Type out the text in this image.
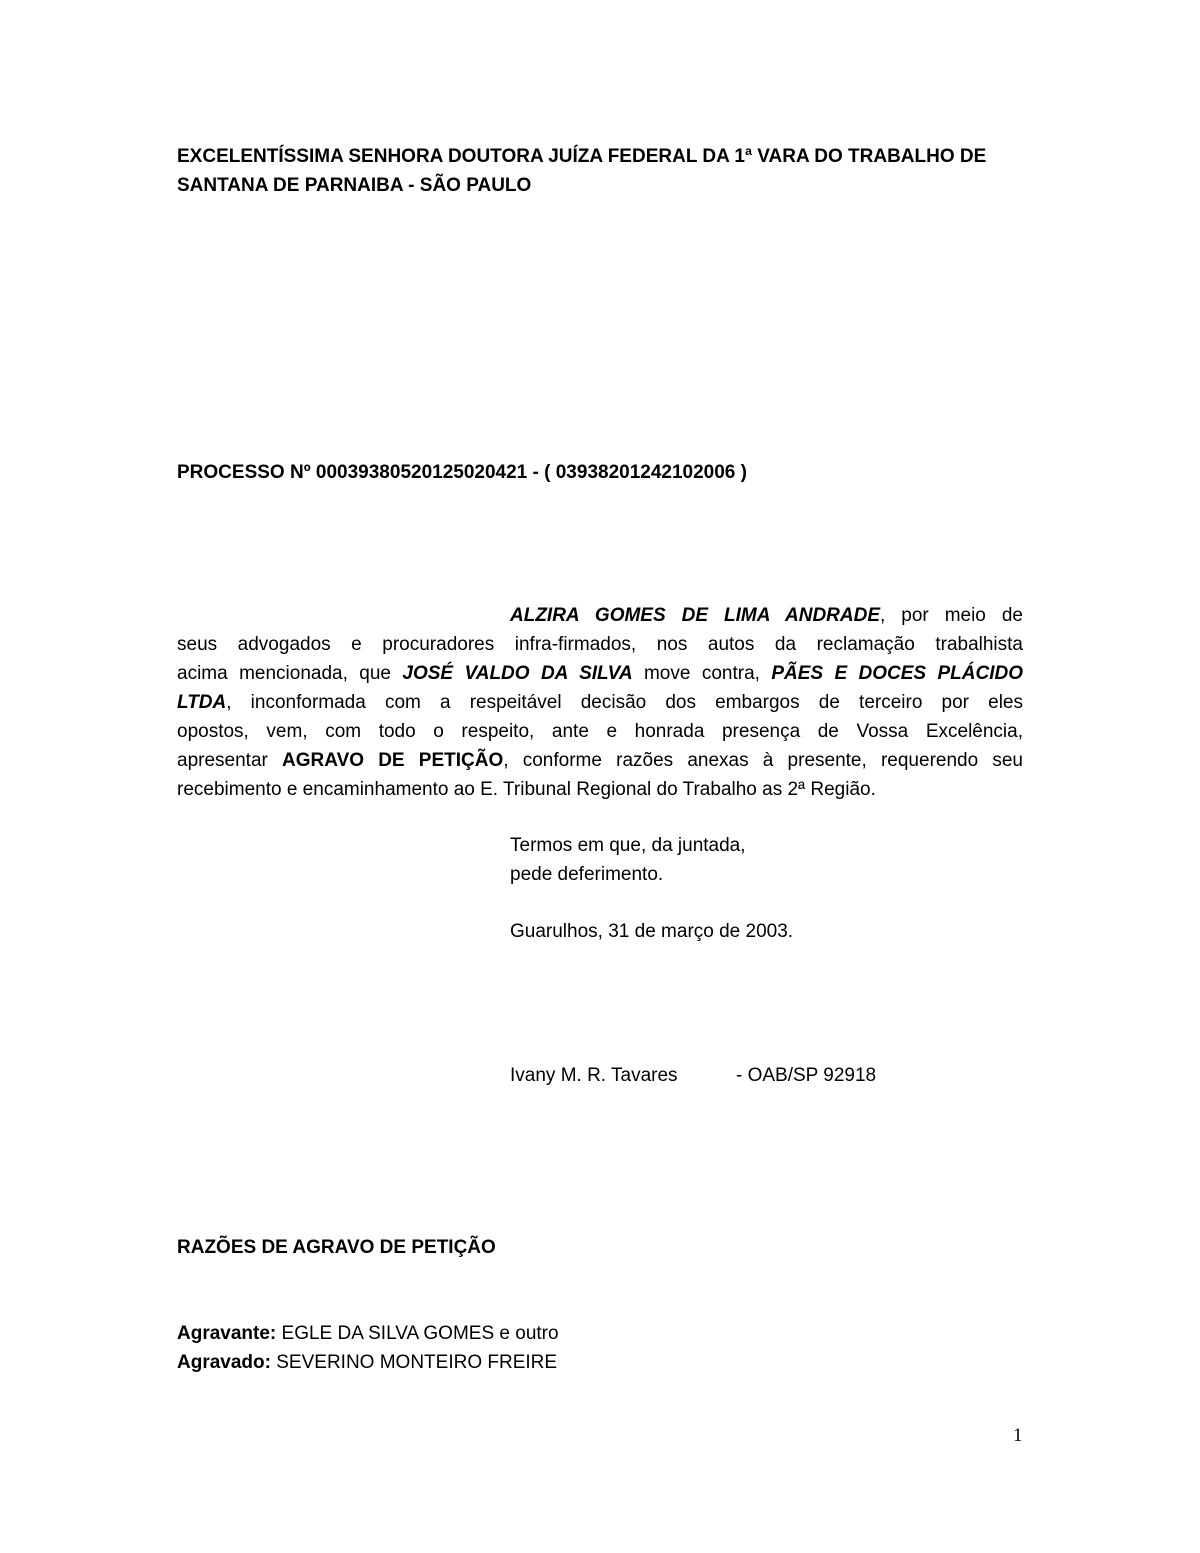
EXCELENTÍSSIMA SENHORA DOUTORA JUÍZA FEDERAL DA 1ª VARA DO TRABALHO DE
SANTANA DE PARNAIBA - SÃO PAULO
PROCESSO Nº 00039380520125020421 - ( 03938201242102006 )
ALZIRA GOMES DE LIMA ANDRADE, por meio de
seus advogados e procuradores infra-firmados, nos autos da reclamação trabalhista
acima mencionada, que JOSÉ VALDO DA SILVA move contra, PÃES E DOCES PLÁCIDO
LTDA, inconformada com a respeitável decisão dos embargos de terceiro por eles
opostos, vem, com todo o respeito, ante e honrada presença de Vossa Excelência,
apresentar AGRAVO DE PETIÇÃO, conforme razões anexas à presente, requerendo seu
recebimento e encaminhamento ao E. Tribunal Regional do Trabalho as 2ª Região.
Termos em que, da juntada,
pede deferimento.
Guarulhos, 31 de março de 2003.
Ivany M. R. Tavares	- OAB/SP 92918
RAZÕES DE AGRAVO DE PETIÇÃO
Agravante: EGLE DA SILVA GOMES e outro
Agravado: SEVERINO MONTEIRO FREIRE
1
